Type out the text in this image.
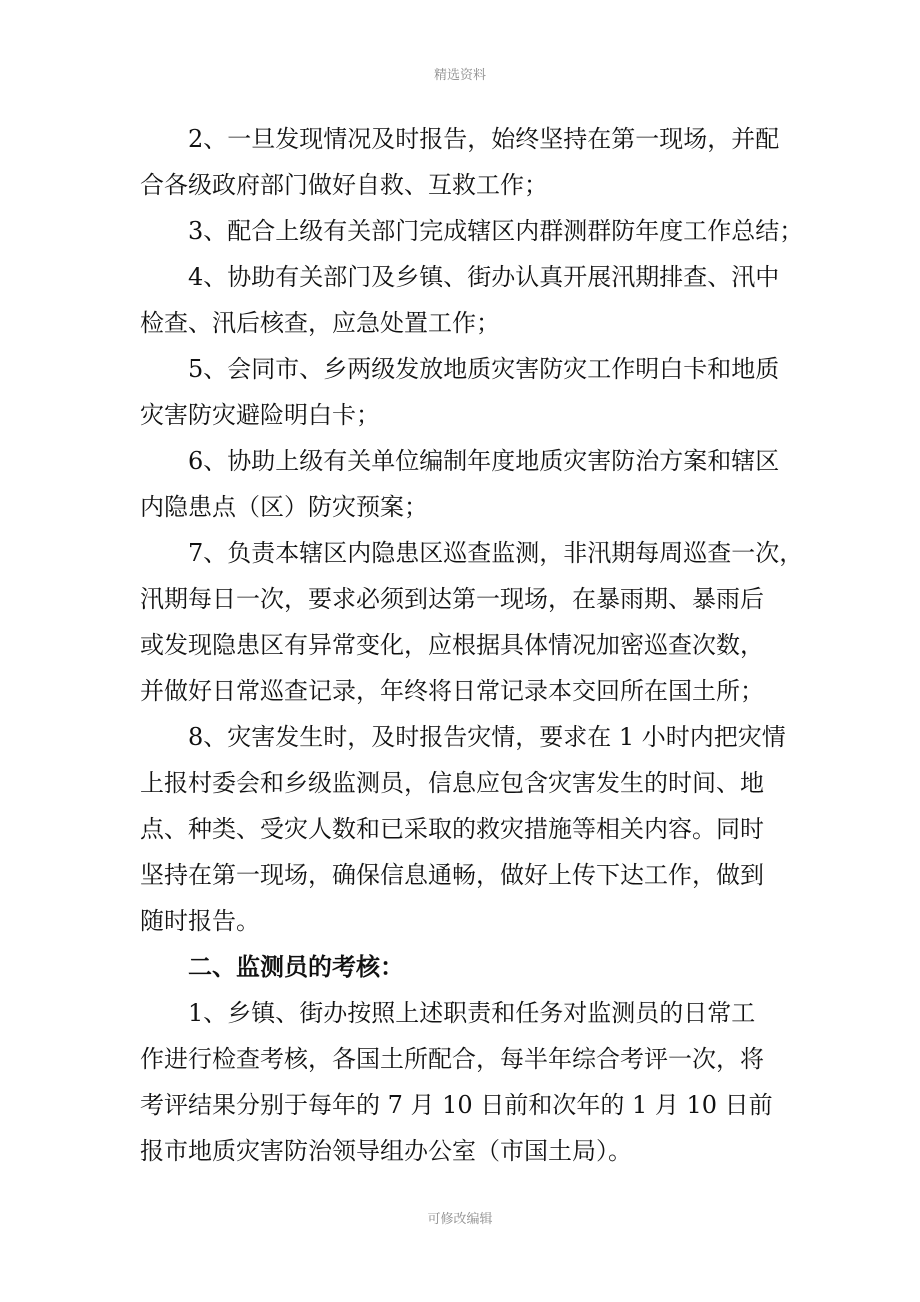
精选资料
2、一旦发现情况及时报告，始终坚持在第一现场，并配
合各级政府部门做好自救、互救工作；
3、配合上级有关部门完成辖区内群测群防年度工作总结；
4、协助有关部门及乡镇、街办认真开展汛期排查、汛中
检查、汛后核查，应急处置工作；
5、会同市、乡两级发放地质灾害防灾工作明白卡和地质
灾害防灾避险明白卡；
6、协助上级有关单位编制年度地质灾害防治方案和辖区
内隐患点（区）防灾预案；
7、负责本辖区内隐患区巡查监测，非汛期每周巡查一次，
汛期每日一次，要求必须到达第一现场，在暴雨期、暴雨后
或发现隐患区有异常变化，应根据具体情况加密巡查次数，
并做好日常巡查记录，年终将日常记录本交回所在国土所；
8、灾害发生时，及时报告灾情，要求在 1 小时内把灾情
上报村委会和乡级监测员，信息应包含灾害发生的时间、地
点、种类、受灾人数和已采取的救灾措施等相关内容。同时
坚持在第一现场，确保信息通畅，做好上传下达工作，做到
随时报告。
二、监测员的考核：
1、乡镇、街办按照上述职责和任务对监测员的日常工
作进行检查考核，各国土所配合，每半年综合考评一次，将
考评结果分别于每年的 7 月 10 日前和次年的 1 月 10 日前
报市地质灾害防治领导组办公室（市国土局）。
可修改编辑
